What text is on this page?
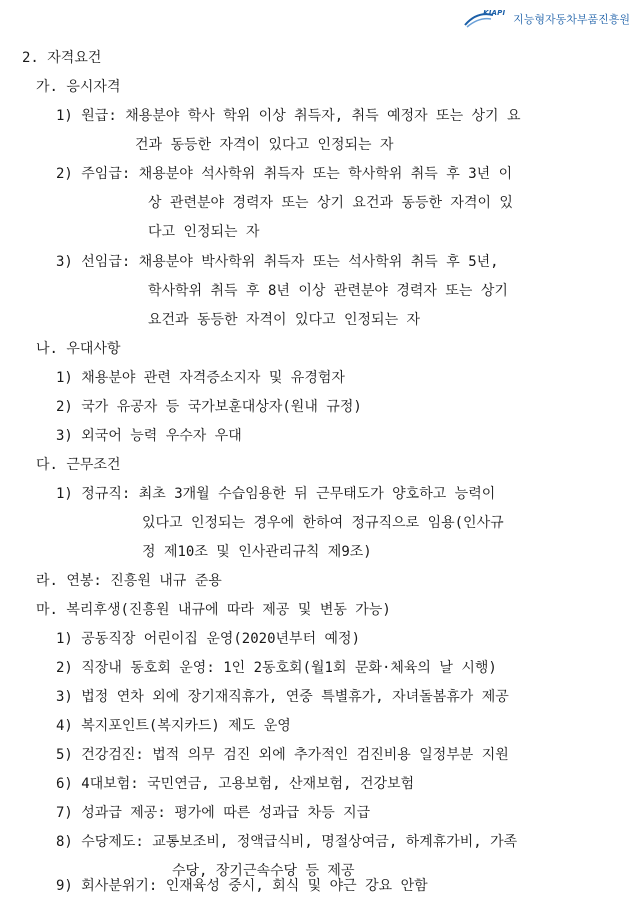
KIAPI 지능형자동차부품진흥원
2. 자격요건
가. 응시자격
1) 원급: 채용분야 학사 학위 이상 취득자, 취득 예정자 또는 상기 요
건과 동등한 자격이 있다고 인정되는 자
2) 주임급: 채용분야 석사학위 취득자 또는 학사학위 취득 후 3년 이
상 관련분야 경력자 또는 상기 요건과 동등한 자격이 있
다고 인정되는 자
3) 선임급: 채용분야 박사학위 취득자 또는 석사학위 취득 후 5년,
학사학위 취득 후 8년 이상 관련분야 경력자 또는 상기
요건과 동등한 자격이 있다고 인정되는 자
나. 우대사항
1) 채용분야 관련 자격증소지자 및 유경험자
2) 국가 유공자 등 국가보훈대상자(원내 규정)
3) 외국어 능력 우수자 우대
다. 근무조건
1) 정규직: 최초 3개월 수습임용한 뒤 근무태도가 양호하고 능력이
있다고 인정되는 경우에 한하여 정규직으로 임용(인사규
정 제10조 및 인사관리규칙 제9조)
라. 연봉: 진흥원 내규 준용
마. 복리후생(진흥원 내규에 따라 제공 및 변동 가능)
1) 공동직장 어린이집 운영(2020년부터 예정)
2) 직장내 동호회 운영: 1인 2동호회(월1회 문화·체육의 날 시행)
3) 법정 연차 외에 장기재직휴가, 연중 특별휴가, 자녀돌봄휴가 제공
4) 복지포인트(복지카드) 제도 운영
5) 건강검진: 법적 의무 검진 외에 추가적인 검진비용 일정부분 지원
6) 4대보험: 국민연금, 고용보험, 산재보험, 건강보험
7) 성과급 제공: 평가에 따른 성과급 차등 지급
8) 수당제도: 교통보조비, 정액급식비, 명절상여금, 하계휴가비, 가족
수당, 장기근속수당 등 제공
9) 회사분위기: 인재육성 중시, 회식 및 야근 강요 안함
